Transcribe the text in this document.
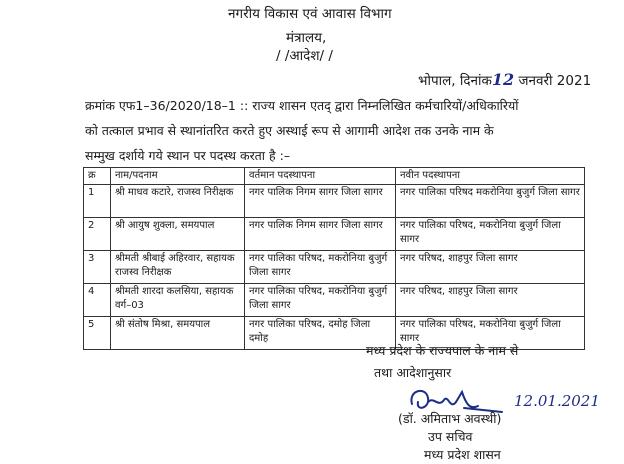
नगरीय विकास एवं आवास विभाग
मंत्रालय,
/ /आदेश/ /
भोपाल, दिनांक12 जनवरी 2021
क्रमांक एफ1–36/2020/18–1 :: राज्य शासन एतद् द्वारा निम्नलिखित कर्मचारियों/अधिकारियों
को तत्काल प्रभाव से स्थानांतरित करते हुए अस्थाई रूप से आगामी आदेश तक उनके नाम के
सम्मुख दर्शाये गये स्थान पर पदस्थ करता है :–
क्र	नाम/पदनाम	वर्तमान पदस्थापना	नवीन पदस्थापना
1	श्री माधव कटारे, राजस्व निरीक्षक	नगर पालिक निगम सागर जिला सागर	नगर पालिका परिषद मकरोनिया बुजुर्ग जिला सागर
2	श्री आयुष शुक्ला, समयपाल	नगर पालिक निगम सागर जिला सागर	नगर पालिका परिषद, मकरोनिया बुजुर्ग जिला सागर
3	श्रीमती श्रीबाई अहिरवार, सहायक राजस्व निरीक्षक	नगर पालिका परिषद, मकरोनिया बुजुर्ग जिला सागर	नगर परिषद, शाहपुर जिला सागर
4	श्रीमती शारदा कलसिया, सहायक वर्ग–03	नगर पालिका परिषद, मकरोनिया बुजुर्ग जिला सागर	नगर परिषद, शाहपुर जिला सागर
5	श्री संतोष मिश्रा, समयपाल	नगर पालिका परिषद, दमोह जिला दमोह	नगर पालिका परिषद, मकरोनिया बुजुर्ग जिला सागर
मध्य प्रदेश के राज्यपाल के नाम से
तथा आदेशानुसार
12.01.2021
(डॉ. अमिताभ अवस्थी)
उप सचिव
मध्य प्रदेश शासन
